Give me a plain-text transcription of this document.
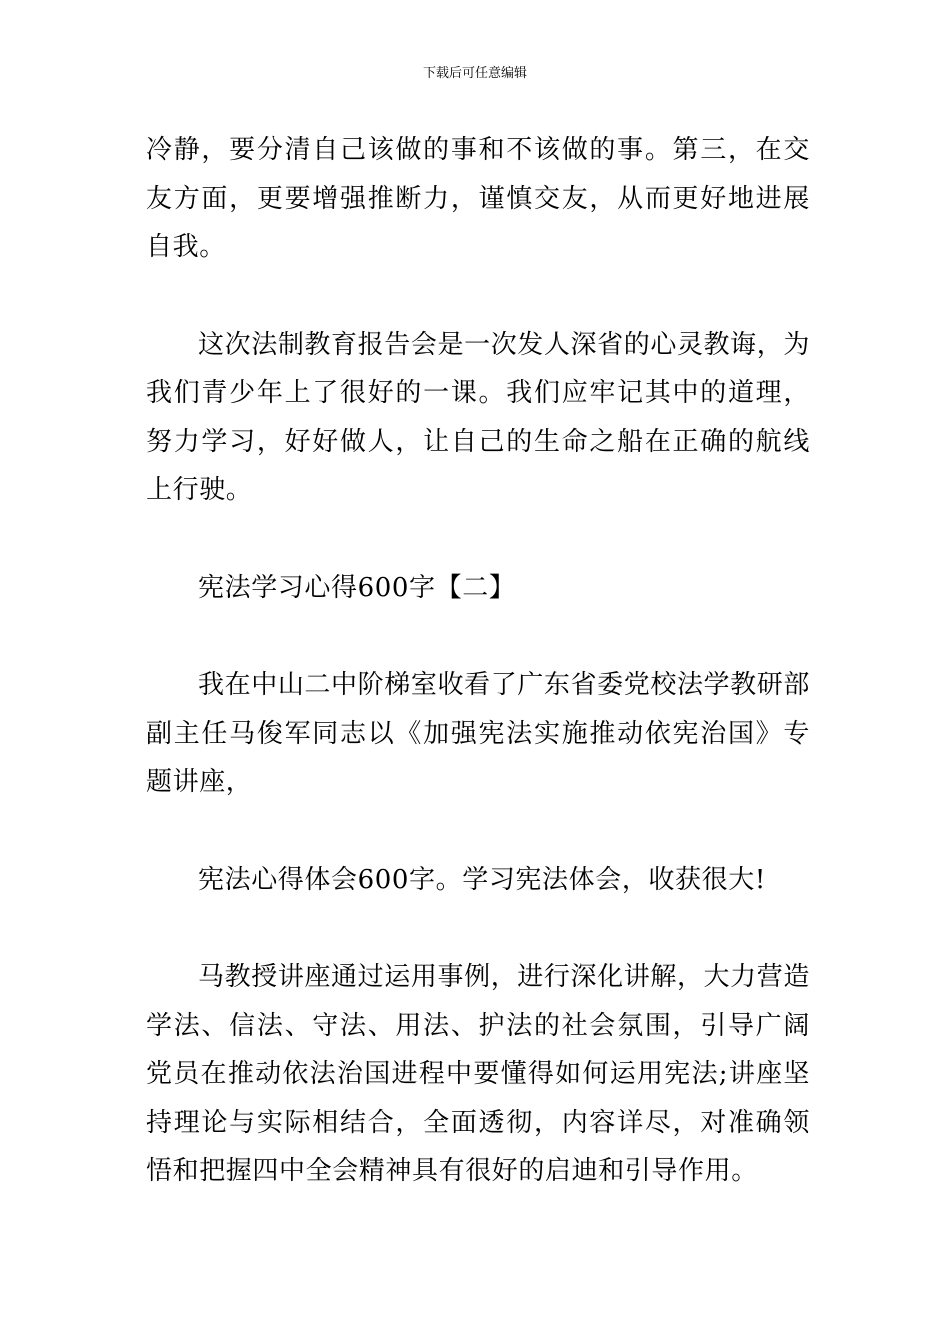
下载后可任意编辑

冷静，要分清自己该做的事和不该做的事。第三，在交友方面，更要增强推断力，谨慎交友，从而更好地进展自我。

这次法制教育报告会是一次发人深省的心灵教诲，为我们青少年上了很好的一课。我们应牢记其中的道理，努力学习，好好做人，让自己的生命之船在正确的航线上行驶。

宪法学习心得600字【二】

我在中山二中阶梯室收看了广东省委党校法学教研部副主任马俊军同志以《加强宪法实施推动依宪治国》专题讲座，

宪法心得体会600字。学习宪法体会，收获很大!

马教授讲座通过运用事例，进行深化讲解，大力营造学法、信法、守法、用法、护法的社会氛围，引导广阔党员在推动依法治国进程中要懂得如何运用宪法;讲座坚持理论与实际相结合，全面透彻，内容详尽，对准确领悟和把握四中全会精神具有很好的启迪和引导作用。
